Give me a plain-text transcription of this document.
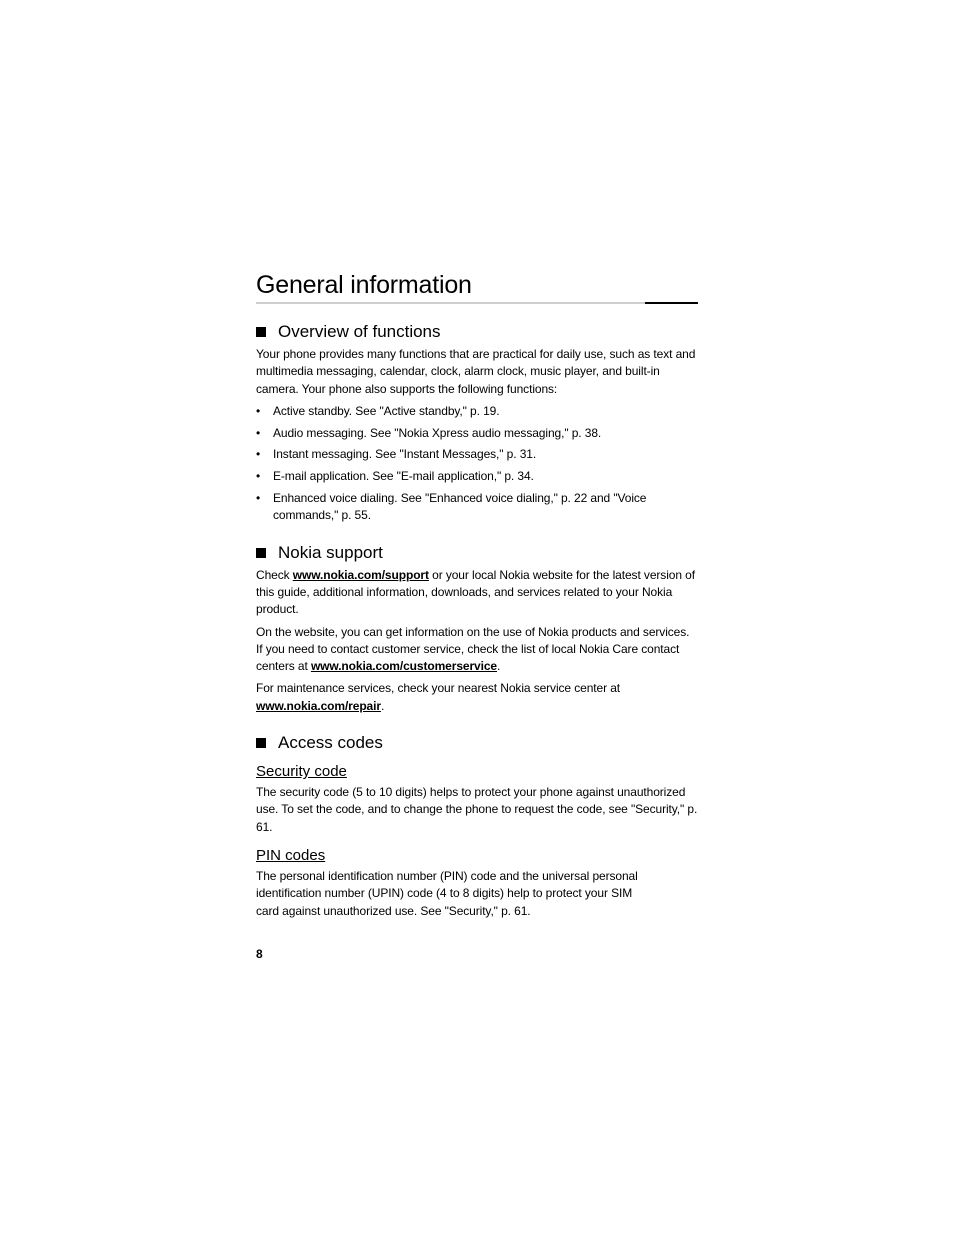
General information
Overview of functions

Your phone provides many functions that are practical for daily use, such as text and multimedia messaging, calendar, clock, alarm clock, music player, and built-in camera. Your phone also supports the following functions:

• Active standby. See "Active standby," p. 19.
• Audio messaging. See "Nokia Xpress audio messaging," p. 38.
• Instant messaging. See "Instant Messages," p. 31.
• E-mail application. See "E-mail application," p. 34.
• Enhanced voice dialing. See "Enhanced voice dialing," p. 22 and "Voice commands," p. 55.
Nokia support

Check www.nokia.com/support or your local Nokia website for the latest version of this guide, additional information, downloads, and services related to your Nokia product.

On the website, you can get information on the use of Nokia products and services. If you need to contact customer service, check the list of local Nokia Care contact centers at www.nokia.com/customerservice.

For maintenance services, check your nearest Nokia service center at www.nokia.com/repair.

Access codes
Security code

The security code (5 to 10 digits) helps to protect your phone against unauthorized use. To set the code, and to change the phone to request the code, see "Security," p. 61.

PIN codes

The personal identification number (PIN) code and the universal personal identification number (UPIN) code (4 to 8 digits) help to protect your SIM card against unauthorized use. See "Security," p. 61.

8
